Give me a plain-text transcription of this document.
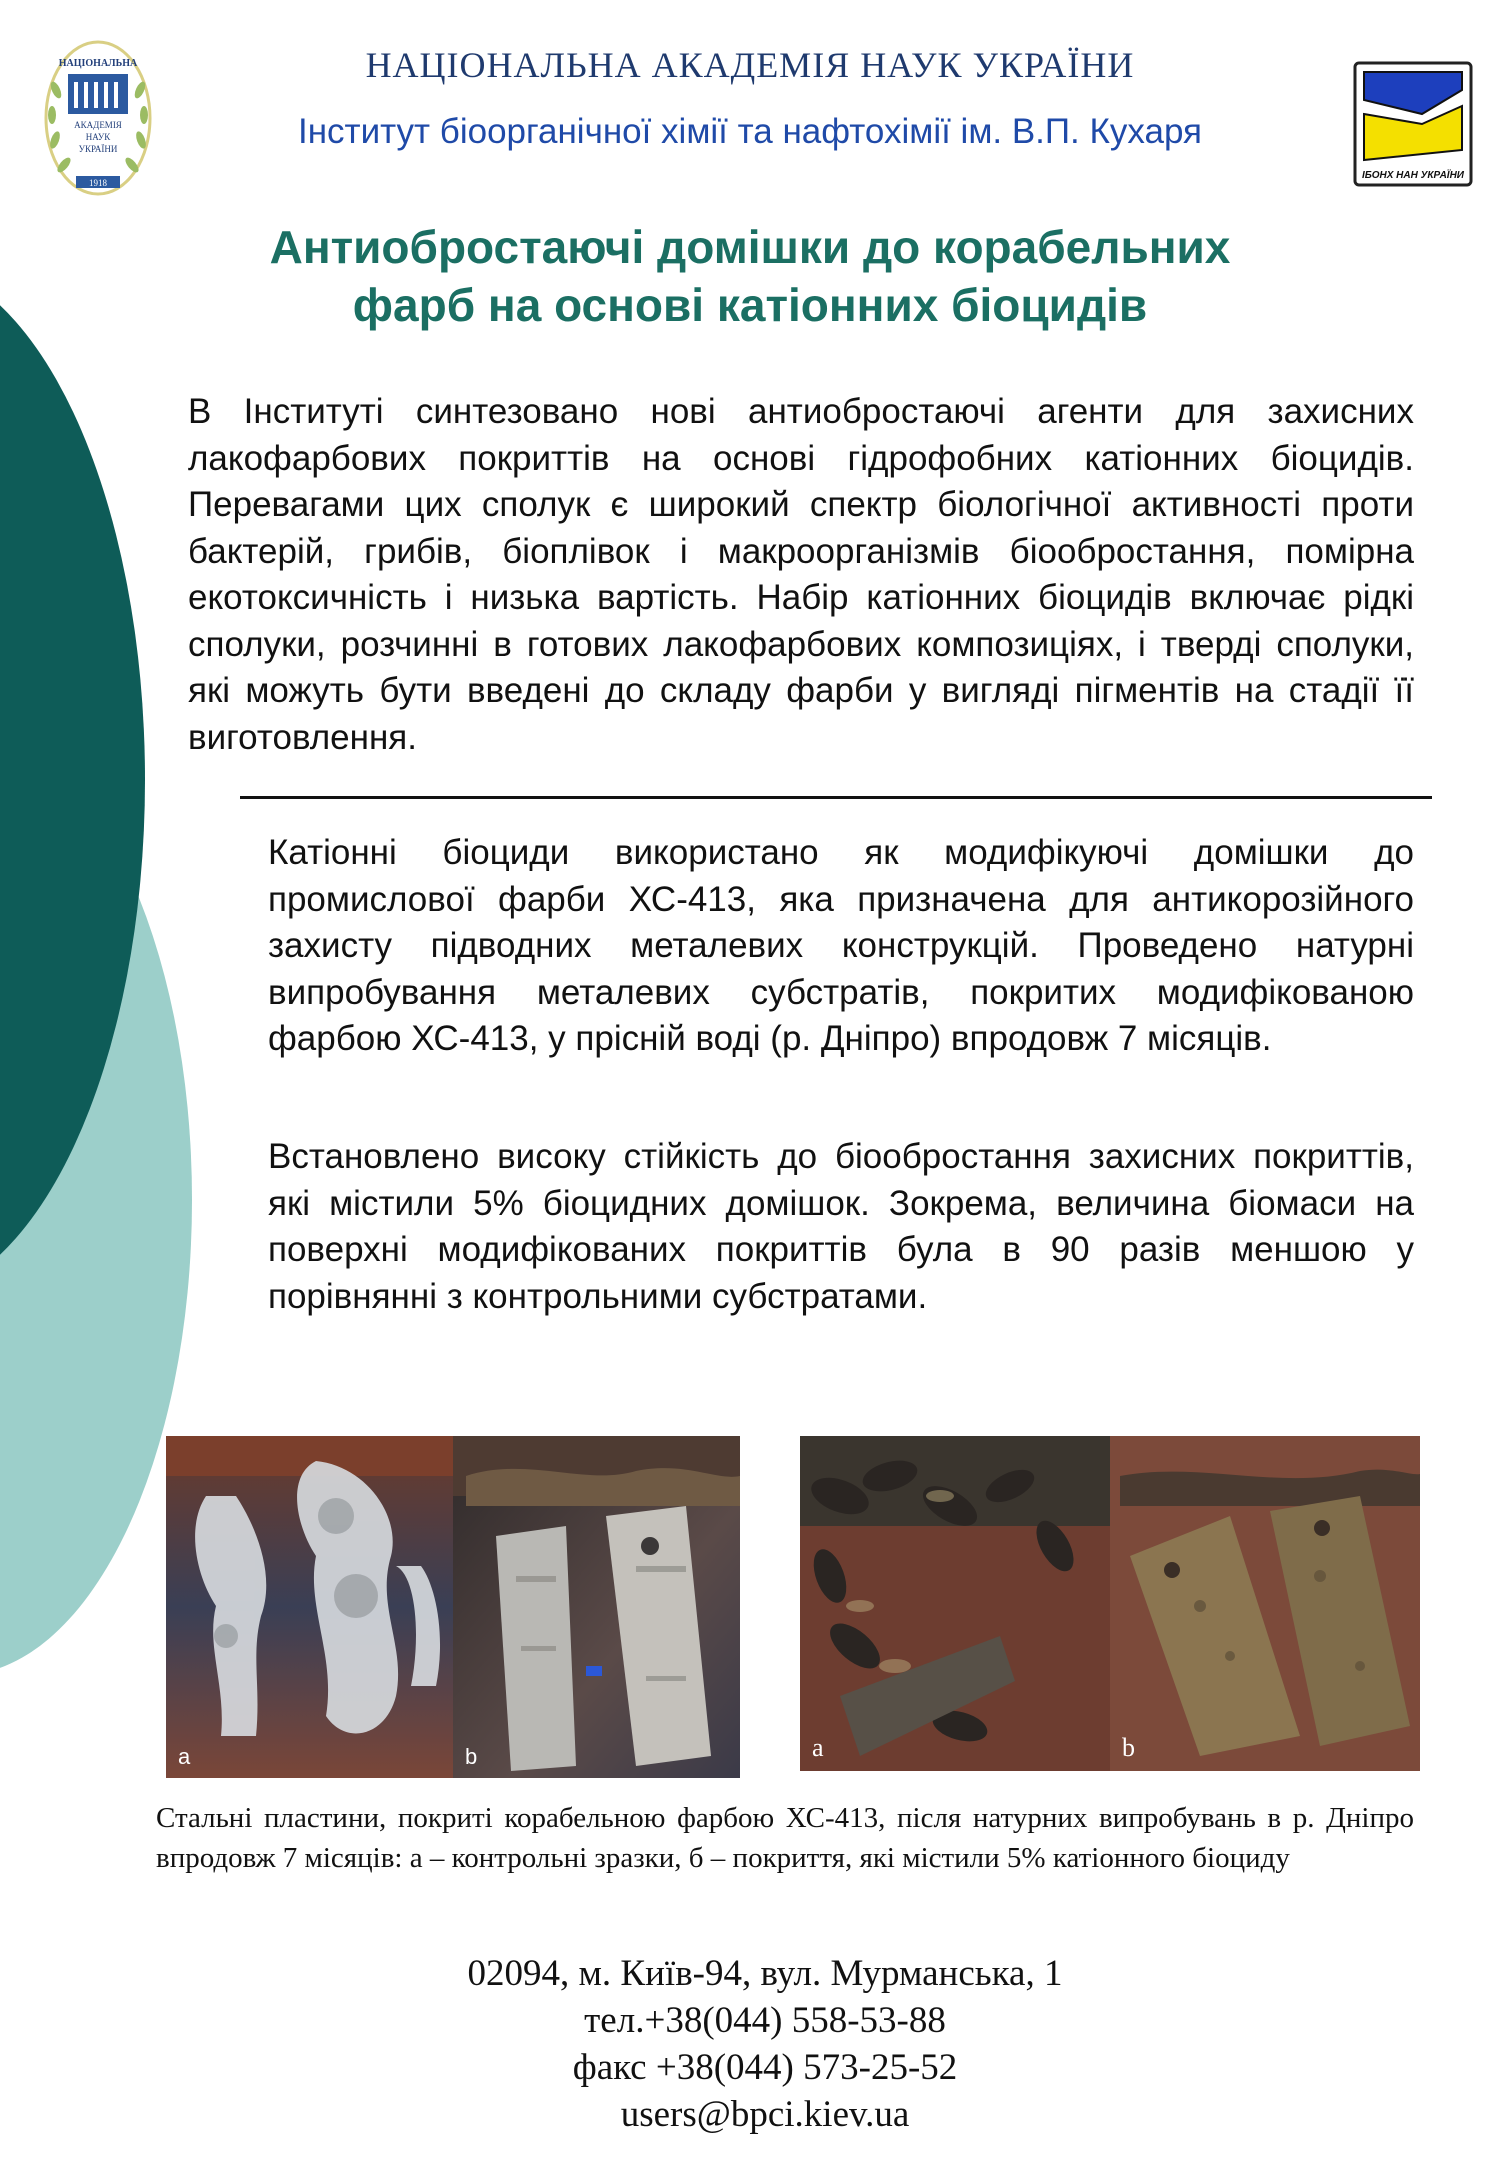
НАЦІОНАЛЬНА
АКАДЕМІЯ
НАУК
УКРАЇНИ
1918
НАЦІОНАЛЬНА АКАДЕМІЯ НАУК УКРАЇНИ
Інститут біоорганічної хімії та нафтохімії ім. В.П. Кухаря
ІБОНХ НАН УКРАЇНИ
Антиобростаючі домішки до корабельних
фарб на основі катіонних біоцидів
В Інституті синтезовано нові антиобростаючі агенти для захисних лакофарбових покриттів на основі гідрофобних катіонних біоцидів. Перевагами цих сполук є широкий спектр біологічної активності проти бактерій, грибів, біоплівок і макроорганізмів біообростання, помірна екотоксичність і низька вартість. Набір катіонних біоцидів включає рідкі сполуки, розчинні в готових лакофарбових композиціях, і тверді сполуки, які можуть бути введені до складу фарби у вигляді пігментів на стадії її виготовлення.
Катіонні біоциди використано як модифікуючі домішки до промислової фарби ХС-413, яка призначена для антикорозійного захисту підводних металевих конструкцій. Проведено натурні випробування металевих субстратів, покритих модифікованою фарбою ХС-413, у прісній воді (р. Дніпро) впродовж 7 місяців.
Встановлено високу стійкість до біообростання захисних покриттів, які містили 5% біоцидних домішок. Зокрема, величина біомаси на поверхні модифікованих покриттів була в 90 разів меншою у порівнянні з контрольними субстратами.
a	b	a	b
Стальні пластини, покриті корабельною фарбою ХС-413, після натурних випробувань в р. Дніпро впродовж 7 місяців: а – контрольні зразки, б – покриття, які містили 5% катіонного біоциду
02094, м. Київ-94, вул. Мурманська, 1
тел.+38(044) 558-53-88
факс +38(044) 573-25-52
users@bpci.kiev.ua
